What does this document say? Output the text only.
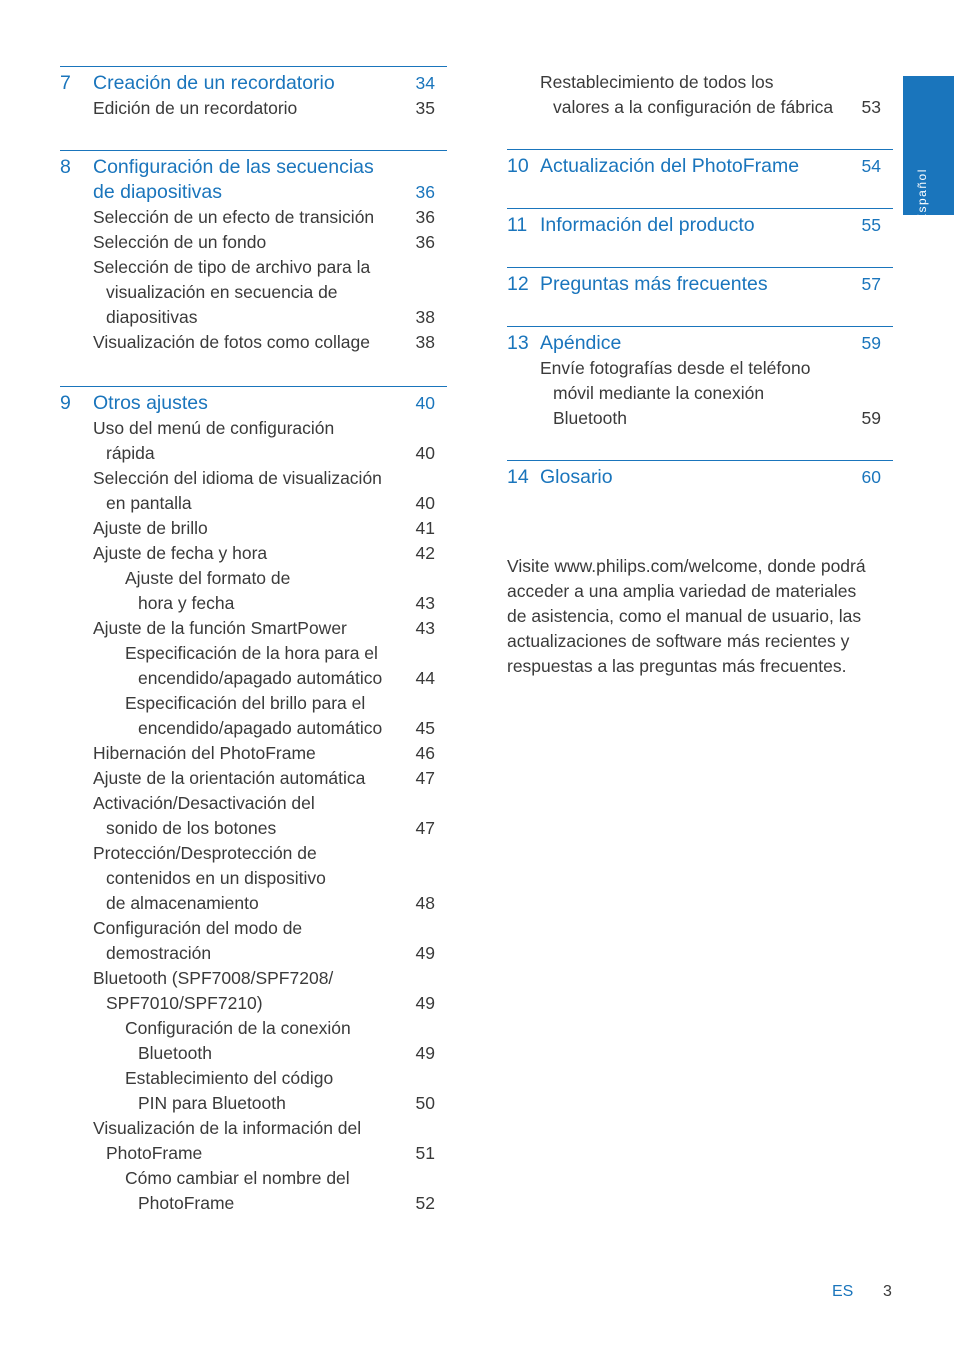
Español
7 Creación de un recordatorio	34
Edición de un recordatorio	35
8 Configuración de las secuencias
de diapositivas	36
Selección de un efecto de transición 36
Selección de un fondo	36
Selección de tipo de archivo para la
visualización en secuencia de
diapositivas	38
Visualización de fotos como collage	38
9 Otros ajustes	40
Uso del menú de configuración
rápida	40
Selección del idioma de visualización
en pantalla	40
Ajuste de brillo	41
Ajuste de fecha y hora	42
Ajuste del formato de
hora y fecha	43
Ajuste de la función SmartPower	43
Especificación de la hora para el
encendido/apagado automático 44
Especificación del brillo para el
encendido/apagado automático 45
Hibernación del PhotoFrame	46
Ajuste de la orientación automática	47
Activación/Desactivación del
sonido de los botones	47
Protección/Desprotección de
contenidos en un dispositivo
de almacenamiento	48
Configuración del modo de
demostración	49
Bluetooth (SPF7008/SPF7208/
SPF7010/SPF7210)	49
Configuración de la conexión
Bluetooth	49
Establecimiento del código
PIN para Bluetooth	50
Visualización de la información del
PhotoFrame	51
Cómo cambiar el nombre del
PhotoFrame	52
Restablecimiento de todos los
valores a la configuración de fábrica 53
10 Actualización del PhotoFrame	54
11 Información del producto	55
12 Preguntas más frecuentes	57
13 Apéndice	59
Envíe fotografías desde el teléfono
móvil mediante la conexión
Bluetooth	59
14 Glosario	60

Visite www.philips.com/welcome, donde podrá

acceder a una amplia variedad de materiales

de asistencia, como el manual de usuario, las

actualizaciones de software más recientes y

respuestas a las preguntas más frecuentes.

ES 3
